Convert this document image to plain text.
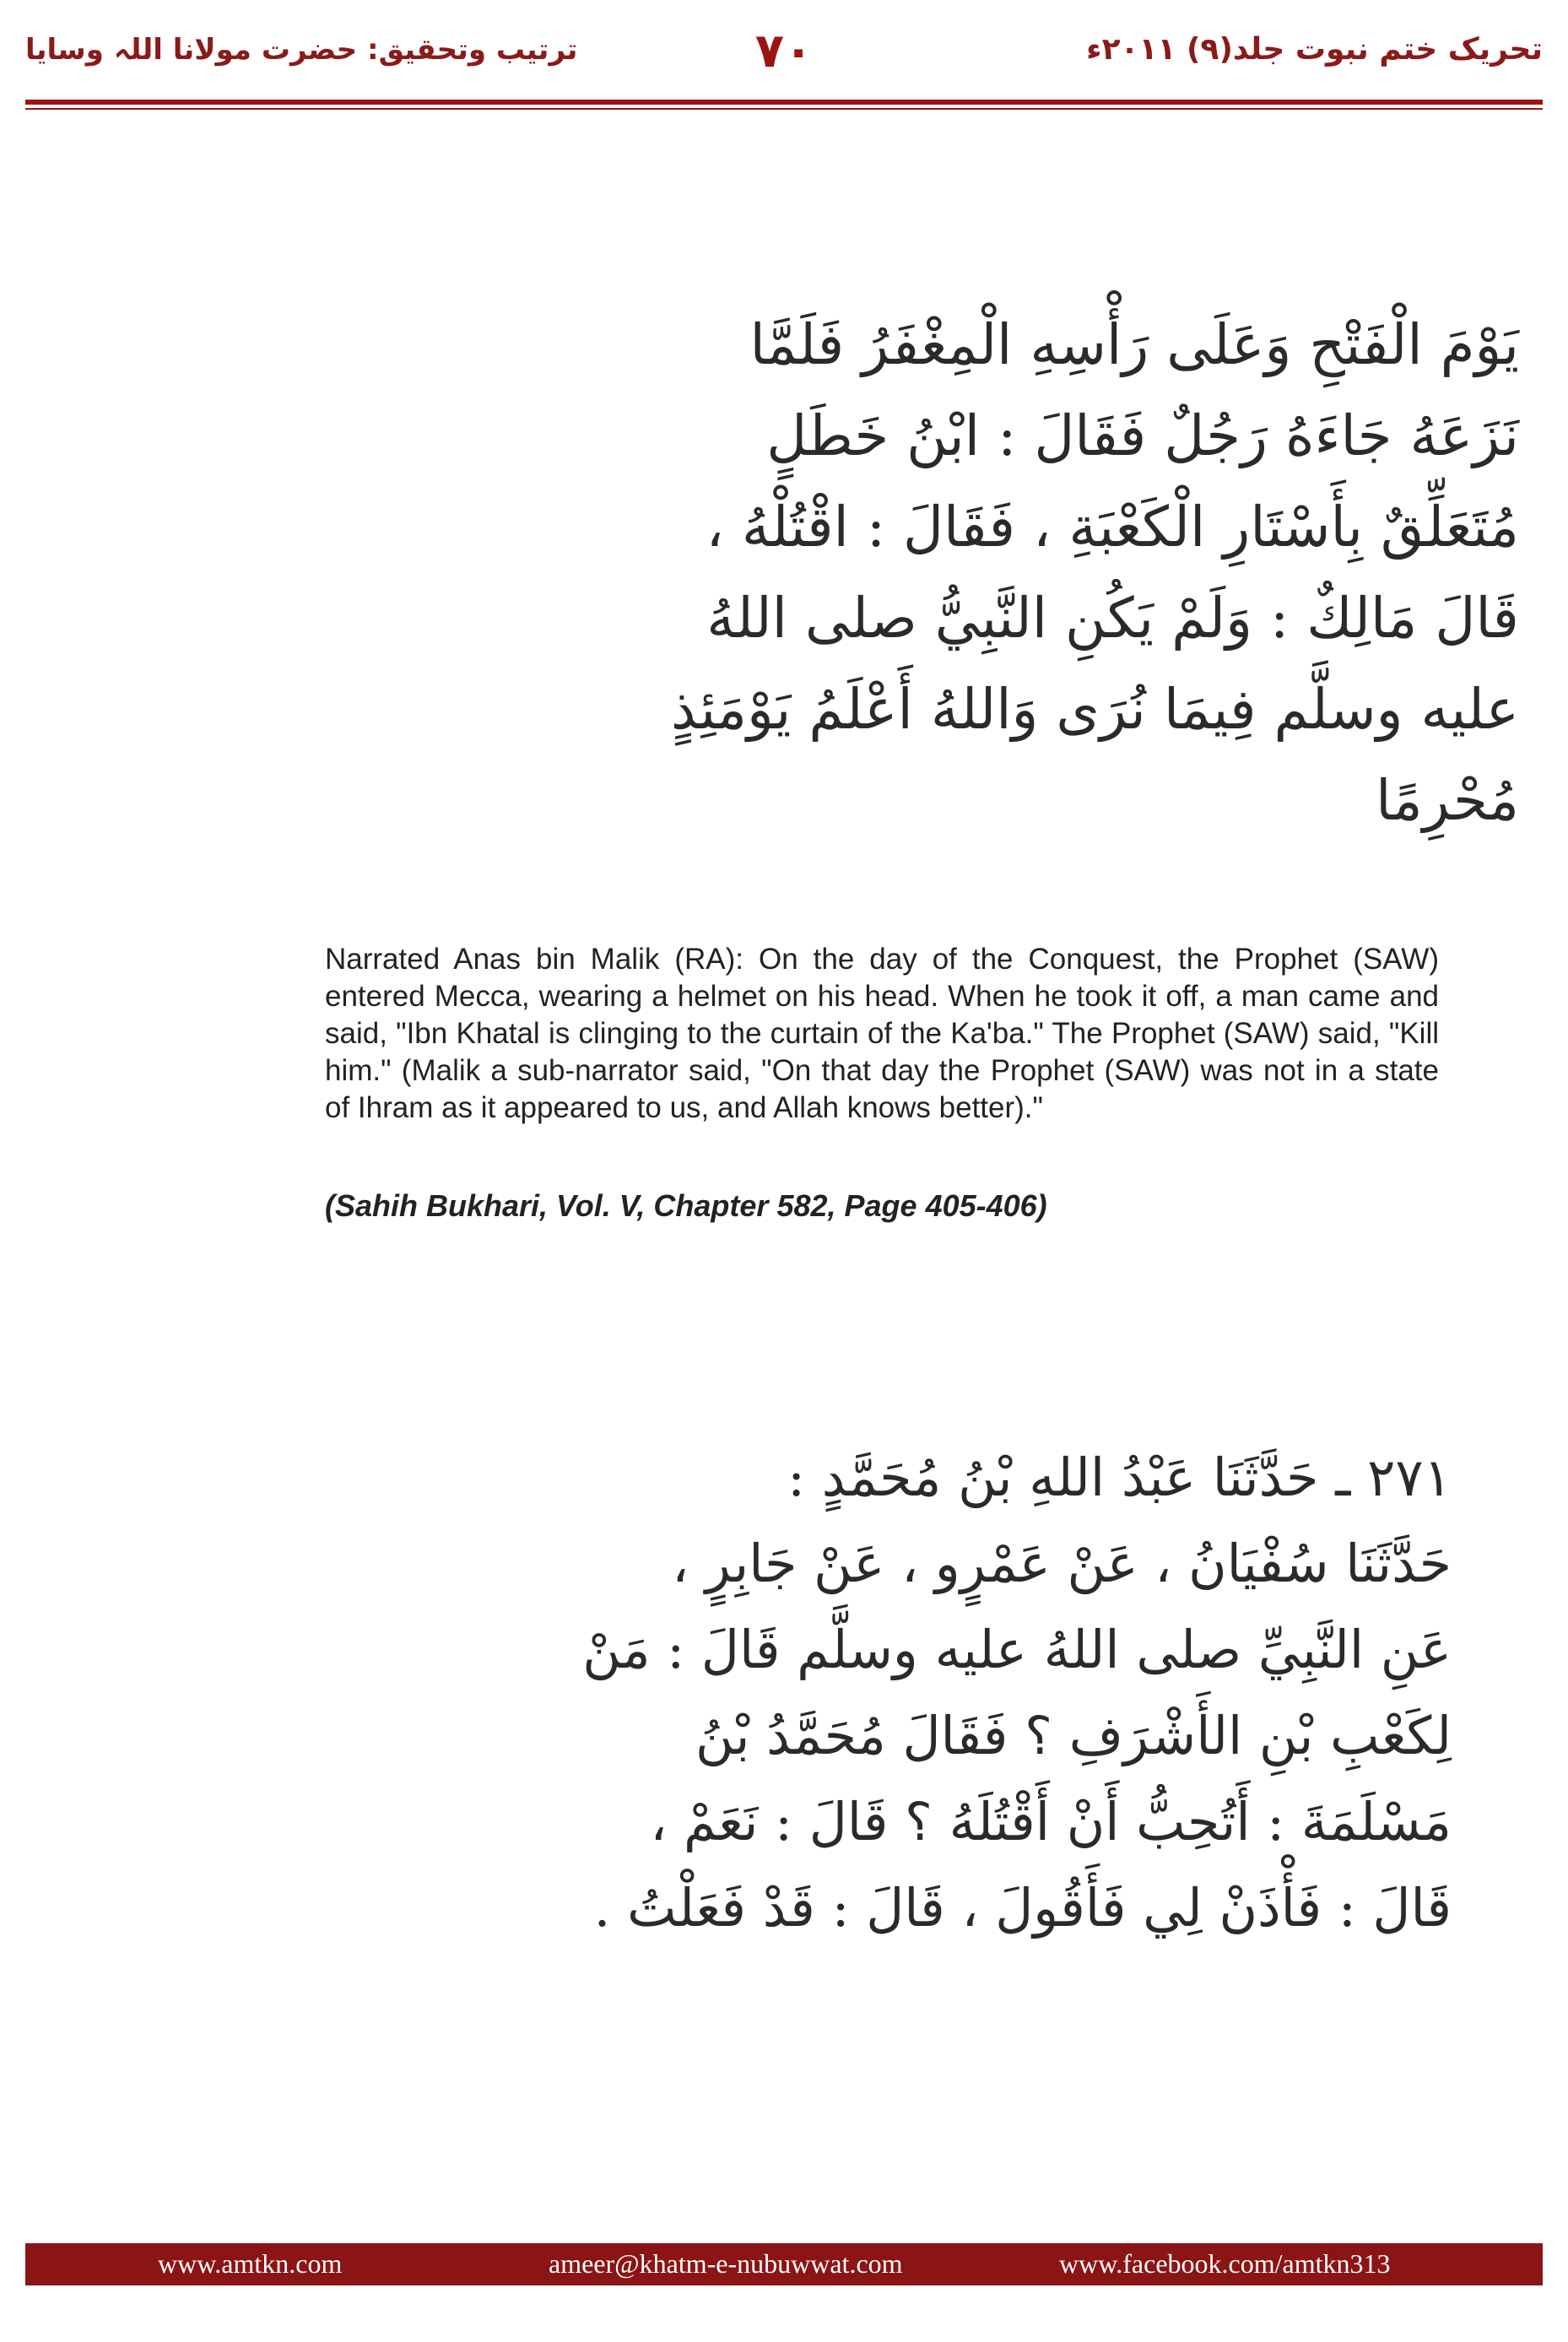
ترتیب وتحقیق: حضرت مولانا اللہ وسایا	۷۰	تحریک ختم نبوت جلد(۹) ۲۰۱۱ء
يَوْمَ الْفَتْحِ وَعَلَى رَأْسِهِ الْمِغْفَرُ فَلَمَّا
نَزَعَهُ جَاءَهُ رَجُلٌ فَقَالَ : ابْنُ خَطَلٍ
مُتَعَلِّقٌ بِأَسْتَارِ الْكَعْبَةِ ، فَقَالَ : اقْتُلْهُ ،
قَالَ مَالِكٌ : وَلَمْ يَكُنِ النَّبِيُّ صلى اللهُ
عليه وسلَّم فِيمَا نُرَى وَاللهُ أَعْلَمُ يَوْمَئِذٍ
مُحْرِمًا
Narrated Anas bin Malik (RA): On the day of the Conquest, the Prophet (SAW) entered Mecca, wearing a helmet on his head. When he took it off, a man came and said, "Ibn Khatal is clinging to the curtain of the Ka'ba." The Prophet (SAW) said, "Kill him." (Malik a sub-narrator said, "On that day the Prophet (SAW) was not in a state of Ihram as it appeared to us, and Allah knows better)."
(Sahih Bukhari, Vol. V, Chapter 582, Page 405-406)
٢٧١ ـ حَدَّثَنَا عَبْدُ اللهِ بْنُ مُحَمَّدٍ :
حَدَّثَنَا سُفْيَانُ ، عَنْ عَمْرٍو ، عَنْ جَابِرٍ ،
عَنِ النَّبِيِّ صلى اللهُ عليه وسلَّم قَالَ : مَنْ
لِكَعْبِ بْنِ الأَشْرَفِ ؟ فَقَالَ مُحَمَّدُ بْنُ
مَسْلَمَةَ : أَتُحِبُّ أَنْ أَقْتُلَهُ ؟ قَالَ : نَعَمْ ،
قَالَ : فَأْذَنْ لِي فَأَقُولَ ، قَالَ : قَدْ فَعَلْتُ .
www.amtkn.com	ameer@khatm-e-nubuwwat.com	www.facebook.com/amtkn313
